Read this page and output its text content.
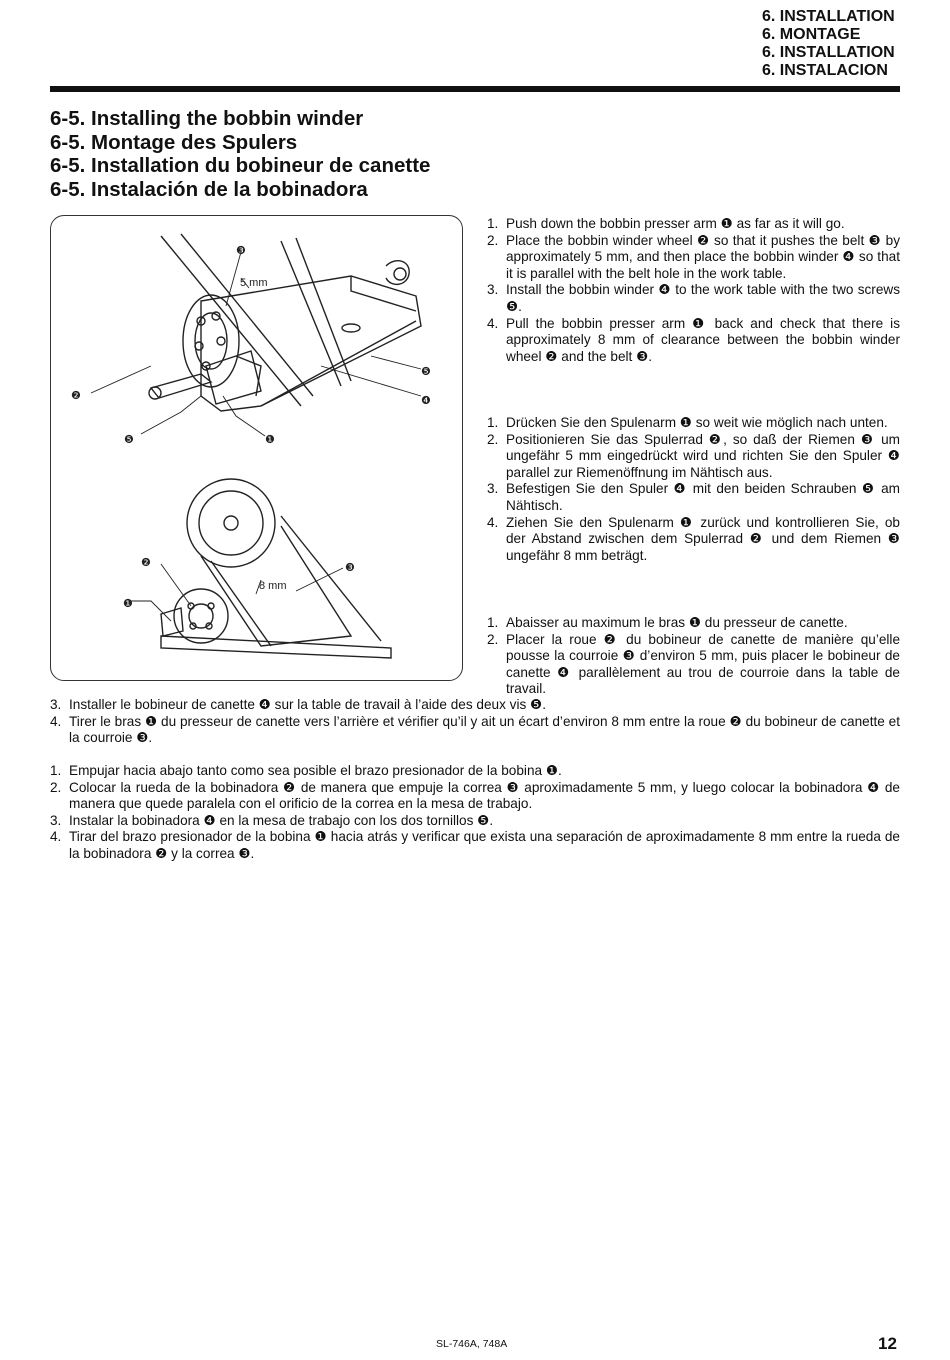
6. INSTALLATION
6. MONTAGE
6. INSTALLATION
6. INSTALACION
6-5. Installing the bobbin winder
6-5. Montage des Spulers
6-5. Installation du bobineur de canette
6-5. Instalación de la bobinadora
❸
❷
❺	❶
❺
❹
5 mm
❷
❶
❸
8 mm
1. Push down the bobbin presser arm ❶ as far as it will go.
2. Place the bobbin winder wheel ❷ so that it pushes the belt ❸ by approximately 5 mm, and then place the bobbin winder ❹ so that it is parallel with the belt hole in the work table.
3. Install the bobbin winder ❹ to the work table with the two screws ❺.
4. Pull the bobbin presser arm ❶ back and check that there is approximately 8 mm of clearance between the bobbin winder wheel ❷ and the belt ❸.
1. Drücken Sie den Spulenarm ❶ so weit wie möglich nach unten.
2. Positionieren Sie das Spulerrad ❷, so daß der Riemen ❸ um ungefähr 5 mm eingedrückt wird und richten Sie den Spuler ❹ parallel zur Riemenöffnung im Nähtisch aus.
3. Befestigen Sie den Spuler ❹ mit den beiden Schrauben ❺ am Nähtisch.
4. Ziehen Sie den Spulenarm ❶ zurück und kontrollieren Sie, ob der Abstand zwischen dem Spulerrad ❷ und dem Riemen ❸ ungefähr 8 mm beträgt.
1. Abaisser au maximum le bras ❶ du presseur de canette.
2. Placer la roue ❷ du bobineur de canette de manière qu’elle pousse la courroie ❸ d’environ 5 mm, puis placer le bobineur de canette ❹ parallèlement au trou de courroie dans la table de travail.
3. Installer le bobineur de canette ❹ sur la table de travail à l’aide des deux vis ❺.
4. Tirer le bras ❶ du presseur de canette vers l’arrière et vérifier qu’il y ait un écart d’environ 8 mm entre la roue ❷ du bobineur de canette et la courroie ❸.
1. Empujar hacia abajo tanto como sea posible el brazo presionador de la bobina ❶.
2. Colocar la rueda de la bobinadora ❷ de manera que empuje la correa ❸ aproximadamente 5 mm, y luego colocar la bobinadora ❹ de manera que quede paralela con el orificio de la correa en la mesa de trabajo.
3. Instalar la bobinadora ❹ en la mesa de trabajo con los dos tornillos ❺.
4. Tirar del brazo presionador de la bobina ❶ hacia atrás y verificar que exista una separación de aproximadamente 8 mm entre la rueda de la bobinadora ❷ y la correa ❸.
SL-746A, 748A	12
